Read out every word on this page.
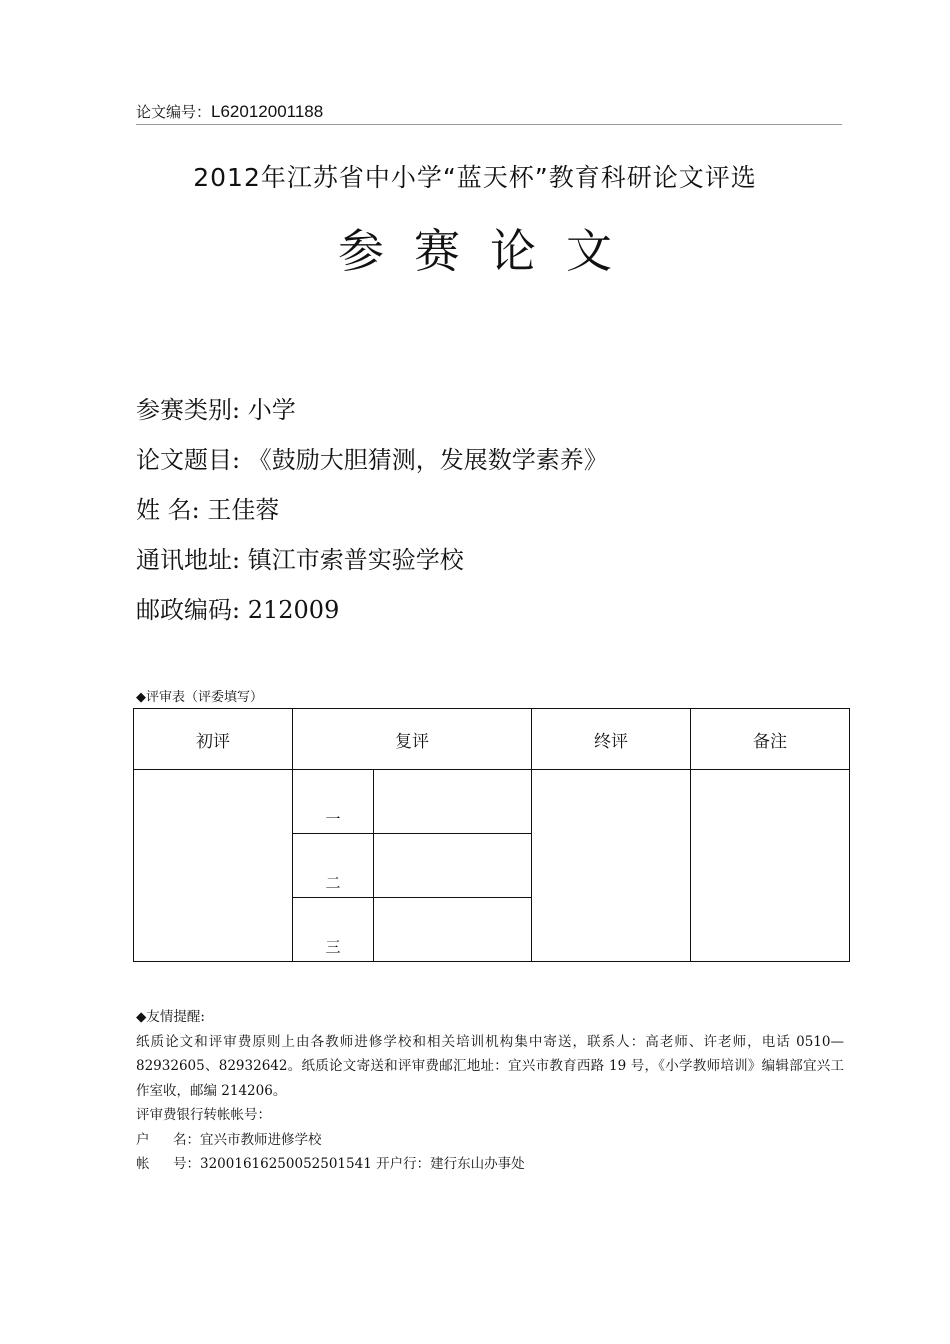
论文编号：L62012001188
2012年江苏省中小学“蓝天杯”教育科研论文评选
参赛论文
参赛类别: 小学
论文题目: 《鼓励大胆猜测，发展数学素养》
姓 名: 王佳蓉
通讯地址: 镇江市索普实验学校
邮政编码: 212009
◆评审表（评委填写）
初评	复评		终评	备注
	一			
	二			
	三			

◆友情提醒:

纸质论文和评审费原则上由各教师进修学校和相关培训机构集中寄送，联系人：高老师、许老师，电话 0510—82932605、82932642。纸质论文寄送和评审费邮汇地址：宜兴市教育西路 19 号，《小学教师培训》编辑部宜兴工作室收，邮编 214206。

评审费银行转帐帐号：

户 名：宜兴市教师进修学校

帐 号：32001616250052501541 开户行：建行东山办事处
